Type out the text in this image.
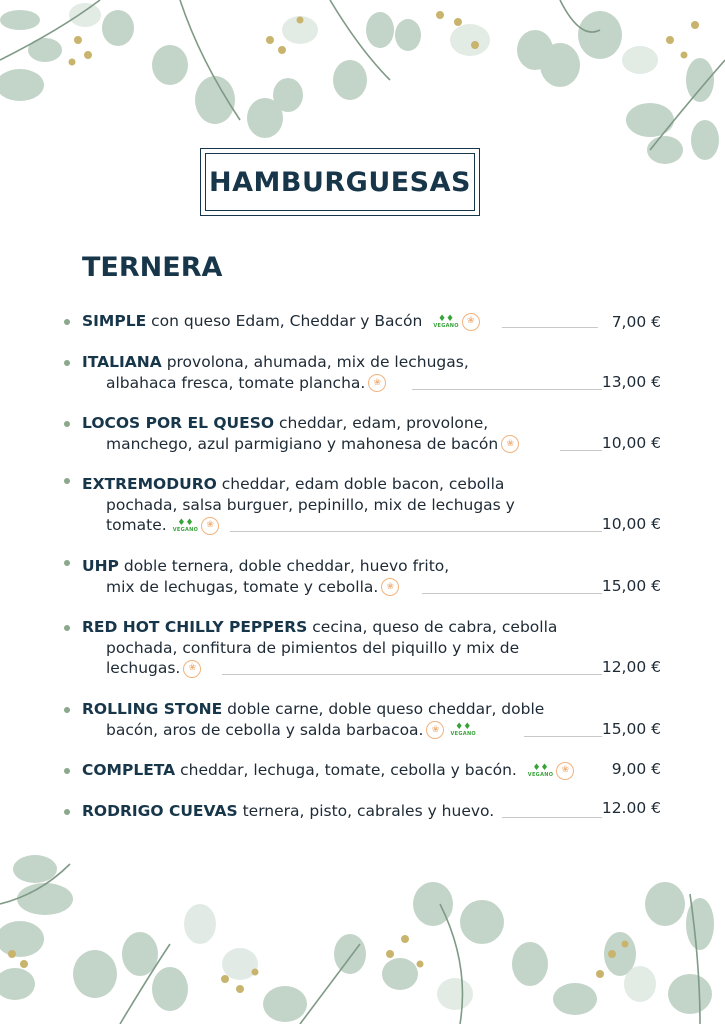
HAMBURGUESAS
TERNERA
SIMPLE con queso Edam, Cheddar y Bacón ♦♦
VEGANO ❀	7,00 €
ITALIANA provolona, ahumada, mix de lechugas,
albahaca fresca, tomate plancha. ❀	13,00 €
LOCOS POR EL QUESO cheddar, edam, provolone,
manchego, azul parmigiano y mahonesa de bacón ❀	10,00 €
EXTREMODURO cheddar, edam doble bacon, cebolla
pochada, salsa burguer, pepinillo, mix de lechugas y
tomate. ♦♦
VEGANO ❀	10,00 €
UHP doble ternera, doble cheddar, huevo frito,
mix de lechugas, tomate y cebolla. ❀	15,00 €
RED HOT CHILLY PEPPERS cecina, queso de cabra, cebolla
pochada, confitura de pimientos del piquillo y mix de
lechugas. ❀	12,00 €
ROLLING STONE doble carne, doble queso cheddar, doble
bacón, aros de cebolla y salda barbacoa. ❀ ♦♦
VEGANO	15,00 €
COMPLETA cheddar, lechuga, tomate, cebolla y bacón. ♦♦
VEGANO ❀	9,00 €
RODRIGO CUEVAS ternera, pisto, cabrales y huevo.	12.00 €
